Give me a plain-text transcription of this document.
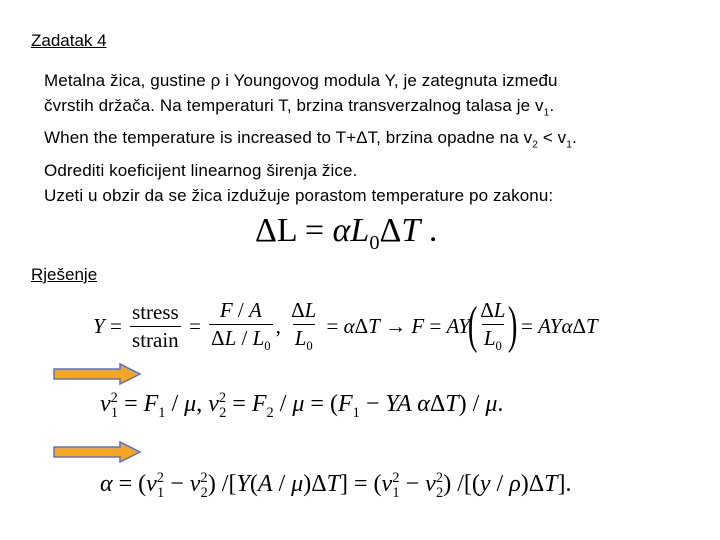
Zadatak 4

Metalna žica, gustine ρ i Youngovog modula Y, je zategnuta između

čvrstih držača. Na temperaturi T, brzina transverzalnog talasa je $v_1$.

When the temperature is increased to T+ΔT, brzina opadne na $v_2 < v_1$.

Odrediti koeficijent linearnog širenja žice.

Uzeti u obzir da se žica izdužuje porastom temperature po zakonu:

$\Delta L = \alpha L_0\Delta T$ .
Rješenje
$Y = \frac{\text{stress}}{\text{strain}} = \frac{F / A}{\Delta L / L_0}$ , $\frac{\Delta L}{L_0} = \alpha$ Δ T → F = AY
( $\frac{\Delta L}{L_0}$ )
= AYα Δ T
$v^2_1 = F_1 / \mu$, $v^2_2 = F_2 / \mu = (F_1$ − YA αΔT) / μ.
$\alpha = (v^2_1 - v^2_2)$ $/[Y(A / \mu)\Delta T] = (v^2_1 - v^2_2)$ /[(y / ρ)ΔT].
